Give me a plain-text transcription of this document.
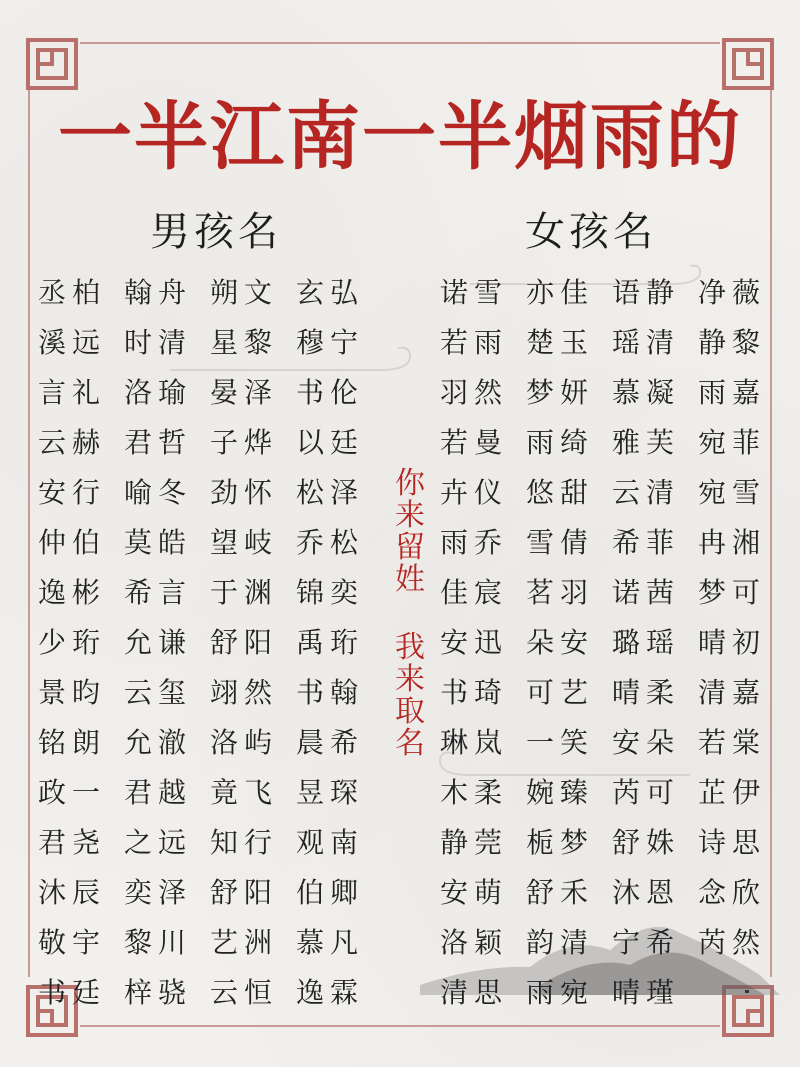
一半江南一半烟雨的
男孩名	女孩名
丞柏 翰舟 朔文 玄弘
溪远 时清 星黎 穆宁
言礼 洛瑜 晏泽 书伦
云赫 君哲 子烨 以廷
安行 喻冬 劲怀 松泽
仲伯 莫皓 望岐 乔松
逸彬 希言 于渊 锦奕
少珩 允谦 舒阳 禹珩
景昀 云玺 翊然 书翰
铭朗 允澈 洛屿 晨希
政一 君越 竟飞 昱琛
君尧 之远 知行 观南
沐辰 奕泽 舒阳 伯卿
敬宇 黎川 艺洲 慕凡
书廷 梓骁 云恒 逸霖
诺雪 亦佳 语静 净薇
若雨 楚玉 瑶清 静黎
羽然 梦妍 慕凝 雨嘉
若曼 雨绮 雅芙 宛菲
卉仪 悠甜 云清 宛雪
雨乔 雪倩 希菲 冉湘
佳宸 茗羽 诺茜 梦可
安迅 朵安 璐瑶 晴初
书琦 可艺 晴柔 清嘉
琳岚 一笑 安朵 若棠
木柔 婉臻 芮可 芷伊
静莞 栀梦 舒姝 诗思
安萌 舒禾 沐恩 念欣
洛颖 韵清 宁希 芮然
清思 雨宛 晴瑾
你
来
留
姓
我
来
取
名
